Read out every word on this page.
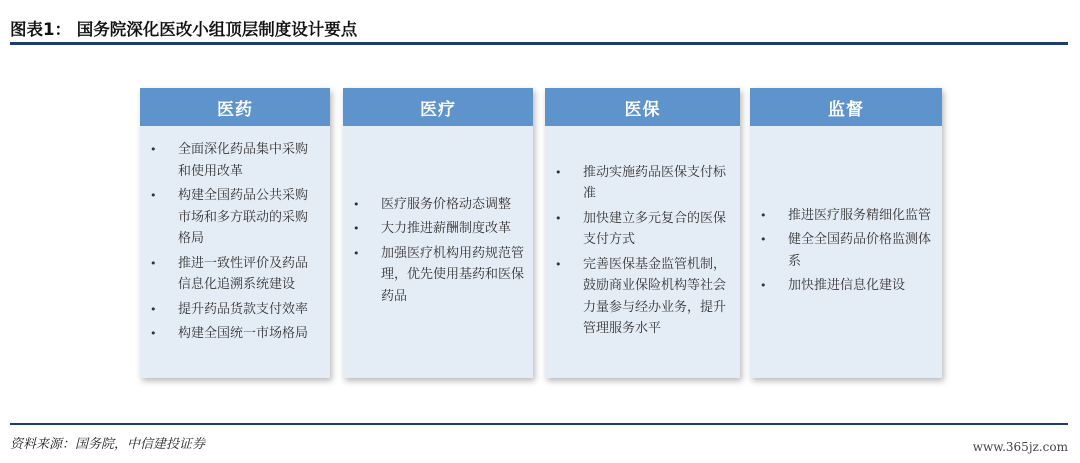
图表1： 国务院深化医改小组顶层制度设计要点
医药
• 全面深化药品集中采购和使用改革
• 构建全国药品公共采购市场和多方联动的采购格局
• 推进一致性评价及药品信息化追溯系统建设
• 提升药品货款支付效率
• 构建全国统一市场格局
医疗
• 医疗服务价格动态调整
• 大力推进薪酬制度改革
• 加强医疗机构用药规范管理，优先使用基药和医保药品
医保
• 推动实施药品医保支付标准
• 加快建立多元复合的医保支付方式
• 完善医保基金监管机制，鼓励商业保险机构等社会力量参与经办业务，提升管理服务水平
监督
• 推进医疗服务精细化监管
• 健全全国药品价格监测体系
• 加快推进信息化建设
资料来源：国务院，中信建投证券	www.365jz.com
